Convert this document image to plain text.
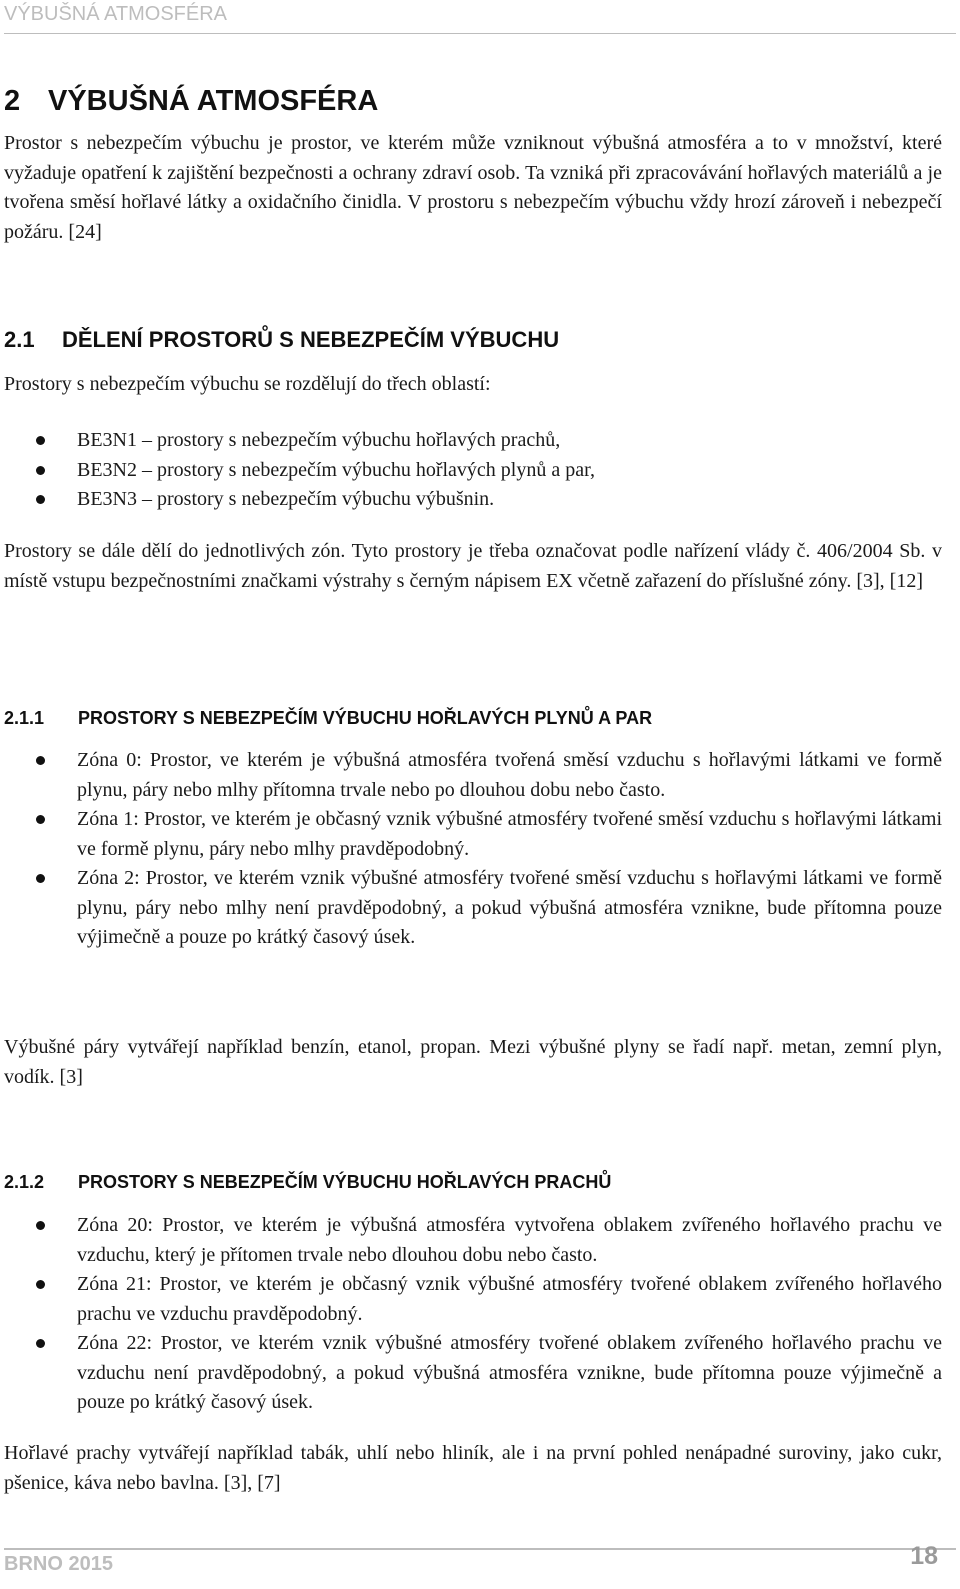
VÝBUŠNÁ ATMOSFÉRA
2 VÝBUŠNÁ ATMOSFÉRA

Prostor s nebezpečím výbuchu je prostor, ve kterém může vzniknout výbušná atmosféra a to v množství, které vyžaduje opatření k zajištění bezpečnosti a ochrany zdraví osob. Ta vzniká při zpracovávání hořlavých materiálů a je tvořena směsí hořlavé látky a oxidačního činidla. V prostoru s nebezpečím výbuchu vždy hrozí zároveň i nebezpečí požáru. [24]

2.1 DĚLENÍ PROSTORŮ S NEBEZPEČÍM VÝBUCHU

Prostory s nebezpečím výbuchu se rozdělují do třech oblastí:

BE3N1 – prostory s nebezpečím výbuchu hořlavých prachů,
BE3N2 – prostory s nebezpečím výbuchu hořlavých plynů a par,
BE3N3 – prostory s nebezpečím výbuchu výbušnin.

Prostory se dále dělí do jednotlivých zón. Tyto prostory je třeba označovat podle nařízení vlády č. 406/2004 Sb. v místě vstupu bezpečnostními značkami výstrahy s černým nápisem EX včetně zařazení do příslušné zóny. [3], [12]

2.1.1 PROSTORY S NEBEZPEČÍM VÝBUCHU HOŘLAVÝCH PLYNŮ A PAR
Zóna 0: Prostor, ve kterém je výbušná atmosféra tvořená směsí vzduchu s hořlavými látkami ve formě plynu, páry nebo mlhy přítomna trvale nebo po dlouhou dobu nebo často.
Zóna 1: Prostor, ve kterém je občasný vznik výbušné atmosféry tvořené směsí vzduchu s hořlavými látkami ve formě plynu, páry nebo mlhy pravděpodobný.
Zóna 2: Prostor, ve kterém vznik výbušné atmosféry tvořené směsí vzduchu s hořlavými látkami ve formě plynu, páry nebo mlhy není pravděpodobný, a pokud výbušná atmosféra vznikne, bude přítomna pouze výjimečně a pouze po krátký časový úsek.

Výbušné páry vytvářejí například benzín, etanol, propan. Mezi výbušné plyny se řadí např. metan, zemní plyn, vodík. [3]

2.1.2 PROSTORY S NEBEZPEČÍM VÝBUCHU HOŘLAVÝCH PRACHŮ
Zóna 20: Prostor, ve kterém je výbušná atmosféra vytvořena oblakem zvířeného hořlavého prachu ve vzduchu, který je přítomen trvale nebo dlouhou dobu nebo často.
Zóna 21: Prostor, ve kterém je občasný vznik výbušné atmosféry tvořené oblakem zvířeného hořlavého prachu ve vzduchu pravděpodobný.
Zóna 22: Prostor, ve kterém vznik výbušné atmosféry tvořené oblakem zvířeného hořlavého prachu ve vzduchu není pravděpodobný, a pokud výbušná atmosféra vznikne, bude přítomna pouze výjimečně a pouze po krátký časový úsek.

Hořlavé prachy vytvářejí například tabák, uhlí nebo hliník, ale i na první pohled nenápadné suroviny, jako cukr, pšenice, káva nebo bavlna. [3], [7]

BRNO 2015	18
